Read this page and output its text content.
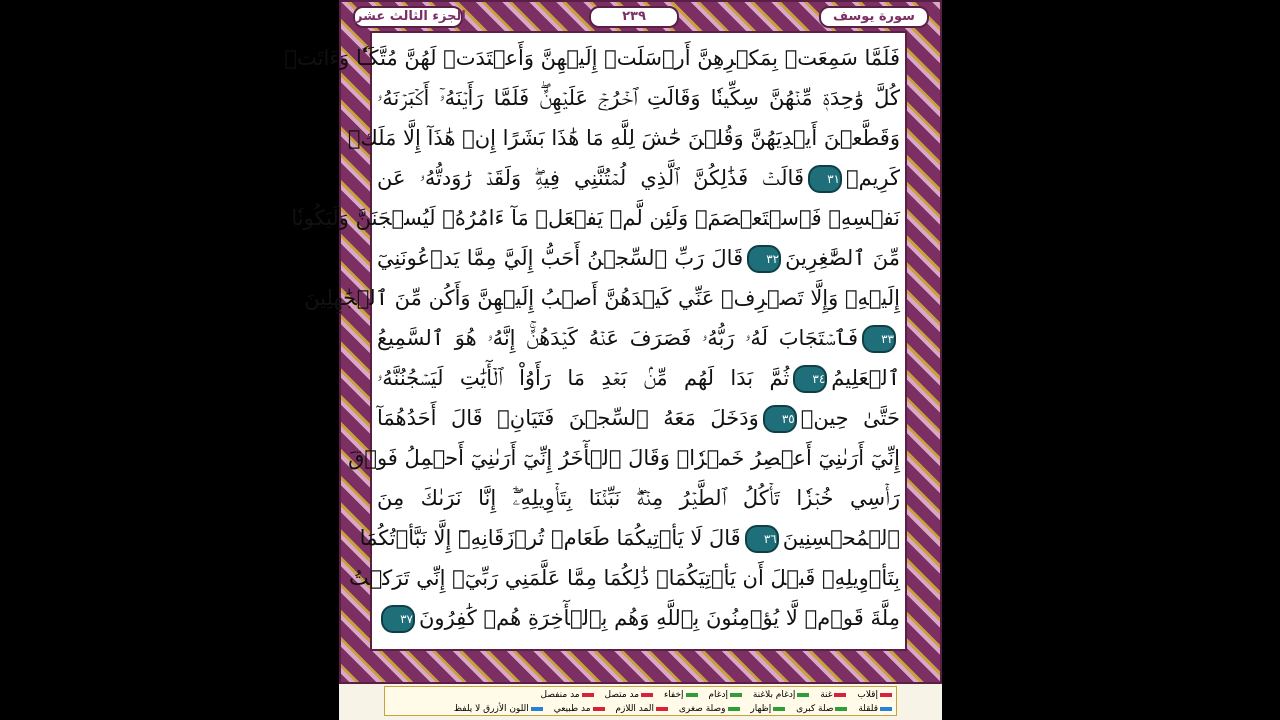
الجزء الثالث عشر	٢٣٩	سورة يوسف
فَلَمَّا سَمِعَتۡ بِمَكۡرِهِنَّ أَرۡسَلَتۡ إِلَيۡهِنَّ وَأَعۡتَدَتۡ لَهُنَّ مُتَّكَـٔٗا وَءَاتَتۡ
كُلَّ وَٰحِدَةٖ مِّنۡهُنَّ سِكِّينٗا وَقَالَتِ ٱخۡرُجۡ عَلَيۡهِنَّۖ فَلَمَّا رَأَيۡنَهُۥٓ أَكۡبَرۡنَهُۥ
وَقَطَّعۡنَ أَيۡدِيَهُنَّ وَقُلۡنَ حَٰشَ لِلَّهِ مَا هَٰذَا بَشَرًا إِنۡ هَٰذَآ إِلَّا مَلَكٞ
كَرِيمٞ٣١قَالَتۡ فَذَٰلِكُنَّ ٱلَّذِي لُمۡتُنَّنِي فِيهِۖ وَلَقَدۡ رَٰوَدتُّهُۥ عَن
نَفۡسِهِۦ فَٱسۡتَعۡصَمَۖ وَلَئِن لَّمۡ يَفۡعَلۡ مَآ ءَامُرُهُۥ لَيُسۡجَنَنَّ وَلَيَكُونٗا
مِّنَ ٱلصَّٰغِرِينَ٣٢قَالَ رَبِّ ٱلسِّجۡنُ أَحَبُّ إِلَيَّ مِمَّا يَدۡعُونَنِيٓ
إِلَيۡهِۖ وَإِلَّا تَصۡرِفۡ عَنِّي كَيۡدَهُنَّ أَصۡبُ إِلَيۡهِنَّ وَأَكُن مِّنَ ٱلۡجَٰهِلِينَ
٣٣فَٱسۡتَجَابَ لَهُۥ رَبُّهُۥ فَصَرَفَ عَنۡهُ كَيۡدَهُنَّۚ إِنَّهُۥ هُوَ ٱلسَّمِيعُ
ٱلۡعَلِيمُ٣٤ثُمَّ بَدَا لَهُم مِّنۢ بَعۡدِ مَا رَأَوُاْ ٱلۡأٓيَٰتِ لَيَسۡجُنُنَّهُۥ
حَتَّىٰ حِينٖ٣٥وَدَخَلَ مَعَهُ ٱلسِّجۡنَ فَتَيَانِۖ قَالَ أَحَدُهُمَآ
إِنِّيٓ أَرَىٰنِيٓ أَعۡصِرُ خَمۡرٗاۖ وَقَالَ ٱلۡأٓخَرُ إِنِّيٓ أَرَىٰنِيٓ أَحۡمِلُ فَوۡقَ
رَأۡسِي خُبۡزٗا تَأۡكُلُ ٱلطَّيۡرُ مِنۡهُۖ نَبِّئۡنَا بِتَأۡوِيلِهِۦٓۖ إِنَّا نَرَىٰكَ مِنَ
ٱلۡمُحۡسِنِينَ٣٦قَالَ لَا يَأۡتِيكُمَا طَعَامٞ تُرۡزَقَانِهِۦٓ إِلَّا نَبَّأۡتُكُمَا
بِتَأۡوِيلِهِۦ قَبۡلَ أَن يَأۡتِيَكُمَاۚ ذَٰلِكُمَا مِمَّا عَلَّمَنِي رَبِّيٓۚ إِنِّي تَرَكۡتُ
مِلَّةَ قَوۡمٖ لَّا يُؤۡمِنُونَ بِٱللَّهِ وَهُم بِٱلۡأٓخِرَةِ هُمۡ كَٰفِرُونَ٣٧
إقلاب غنة إدغام بلاغنة إدغام إخفاء مد متصل مد منفصل
قلقلة صلة كبرى إظهار وصلة صغرى المد اللازم مد طبيعي اللون الأزرق لا يلفظ
